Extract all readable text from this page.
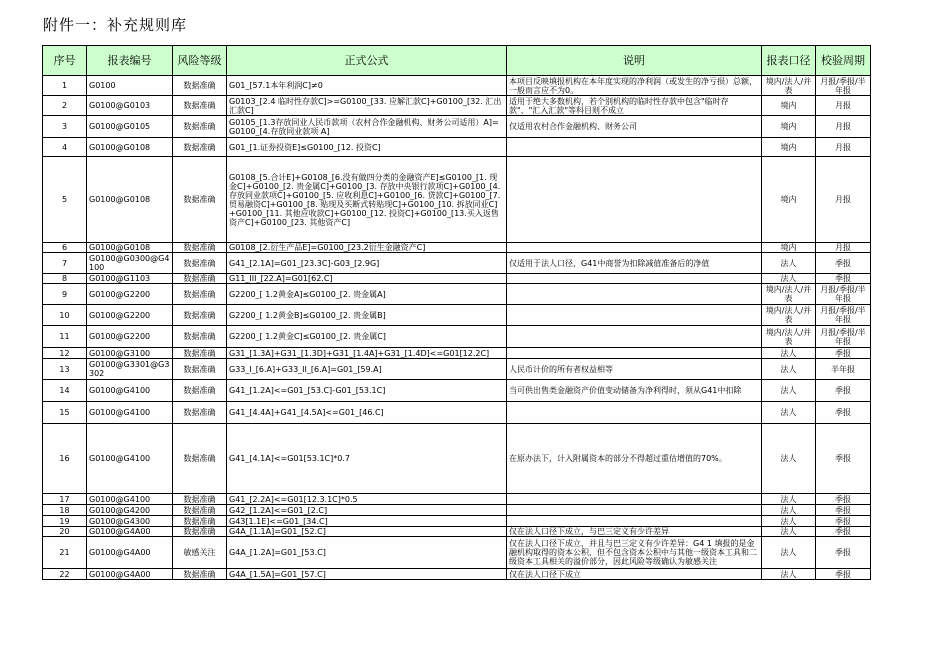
附件一：补充规则库
序号	报表编号	风险等级	正式公式	说明	报表口径	校验周期

1	G0100	数据准确	G01_[57.1本年利润C]≠0	本项目反映填报机构在本年度实现的净利润（或发生的净亏损）总额，一般而言应不为0。	境内/法人/并表	月报/季报/半年报

2	G0100@G0103	数据准确	G0103_[2.4 临时性存款C]>=G0100_[33. 应解汇款C]+G0100_[32. 汇出汇款C]	适用于绝大多数机构，若个别机构的临时性存款中包含"临时存款"、"汇入汇款"等科目则不成立	境内	月报

3	G0100@G0105	数据准确	G0105_[1.3存放同业人民币款项（农村合作金融机构、财务公司适用）A]=G0100_[4.存放同业款项 A]	仅适用农村合作金融机构、财务公司	境内	月报

4	G0100@G0108	数据准确	G01_[1.证券投资E]≤G0100_[12. 投资C]		境内	月报

5	G0100@G0108	数据准确	G0108_[5.合计E]+G0108_[6.没有做四分类的金融资产E]≤G0100_[1. 现金C]+G0100_[2. 贵金属C]+G0100_[3. 存放中央银行款项C]+G0100_[4. 存放同业款项C]+G0100_[5. 应收利息C]+G0100_[6. 贷款C]+G0100_[7. 贸易融资C]+G0100_[8. 贴现及买断式转贴现C]+G0100_[10. 拆放同业C]+G0100_[11. 其他应收款C]+G0100_[12. 投资C]+G0100_[13.买入返售资产C]+G0100_[23. 其他资产C]		境内	月报

6	G0100@G0108	数据准确	G0108_[2.衍生产品E]=G0100_[23.2衍生金融资产C]		境内	月报

7	G0100@G0300@G4100	数据准确	G41_[2.1A]=G01_[23.3C]-G03_[2.9G]	仅适用于法人口径，G41中商誉为扣除减值准备后的净值	法人	季报

8	G0100@G1103	数据准确	G11_III_[22.A]=G01[62.C]		法人	季报

9	G0100@G2200	数据准确	G2200_[ 1.2黄金A]≤G0100_[2. 贵金属A]		境内/法人/并表	月报/季报/半年报

10	G0100@G2200	数据准确	G2200_[ 1.2黄金B]≤G0100_[2. 贵金属B]		境内/法人/并表	月报/季报/半年报

11	G0100@G2200	数据准确	G2200_[ 1.2黄金C]≤G0100_[2. 贵金属C]		境内/法人/并表	月报/季报/半年报

12	G0100@G3100	数据准确	G31_[1.3A]+G31_[1.3D]+G31_[1.4A]+G31_[1.4D]<=G01[12.2C]		法人	季报

13	G0100@G3301@G3302	数据准确	G33_I_[6.A]+G33_II_[6.A]=G01_[59.A]	人民币计价的所有者权益相等	法人	半年报

14	G0100@G4100	数据准确	G41_[1.2A]<=G01_[53.C]-G01_[53.1C]	当可供出售类金融资产价值变动储备为净利得时，须从G41中扣除	法人	季报

15	G0100@G4100	数据准确	G41_[4.4A]+G41_[4.5A]<=G01_[46.C]		法人	季报

16	G0100@G4100	数据准确	G41_[4.1A]<=G01[53.1C]*0.7	在原办法下，计入附属资本的部分不得超过重估增值的70%。	法人	季报

17	G0100@G4100	数据准确	G41_[2.2A]<=G01[12.3.1C]*0.5		法人	季报

18	G0100@G4200	数据准确	G42_[1.2A]<=G01_[2.C]		法人	季报

19	G0100@G4300	数据准确	G43[1.1E]<=G01_[34.C]		法人	季报

20	G0100@G4A00	数据准确	G4A_[1.1A]=G01_[52.C]	仅在法人口径下成立，与巴三定义有少许差异	法人	季报

21	G0100@G4A00	敏感关注	G4A_[1.2A]=G01_[53.C]	仅在法人口径下成立，并且与巴三定义有少许差异：G4 1 填报的是金融机构取得的资本公积，但不包含资本公积中与其他一级资本工具和二级资本工具相关的溢价部分，因此风险等级确认为敏感关注	法人	季报

22	G0100@G4A00	数据准确	G4A_[1.5A]=G01_[57.C]	仅在法人口径下成立	法人	季报
